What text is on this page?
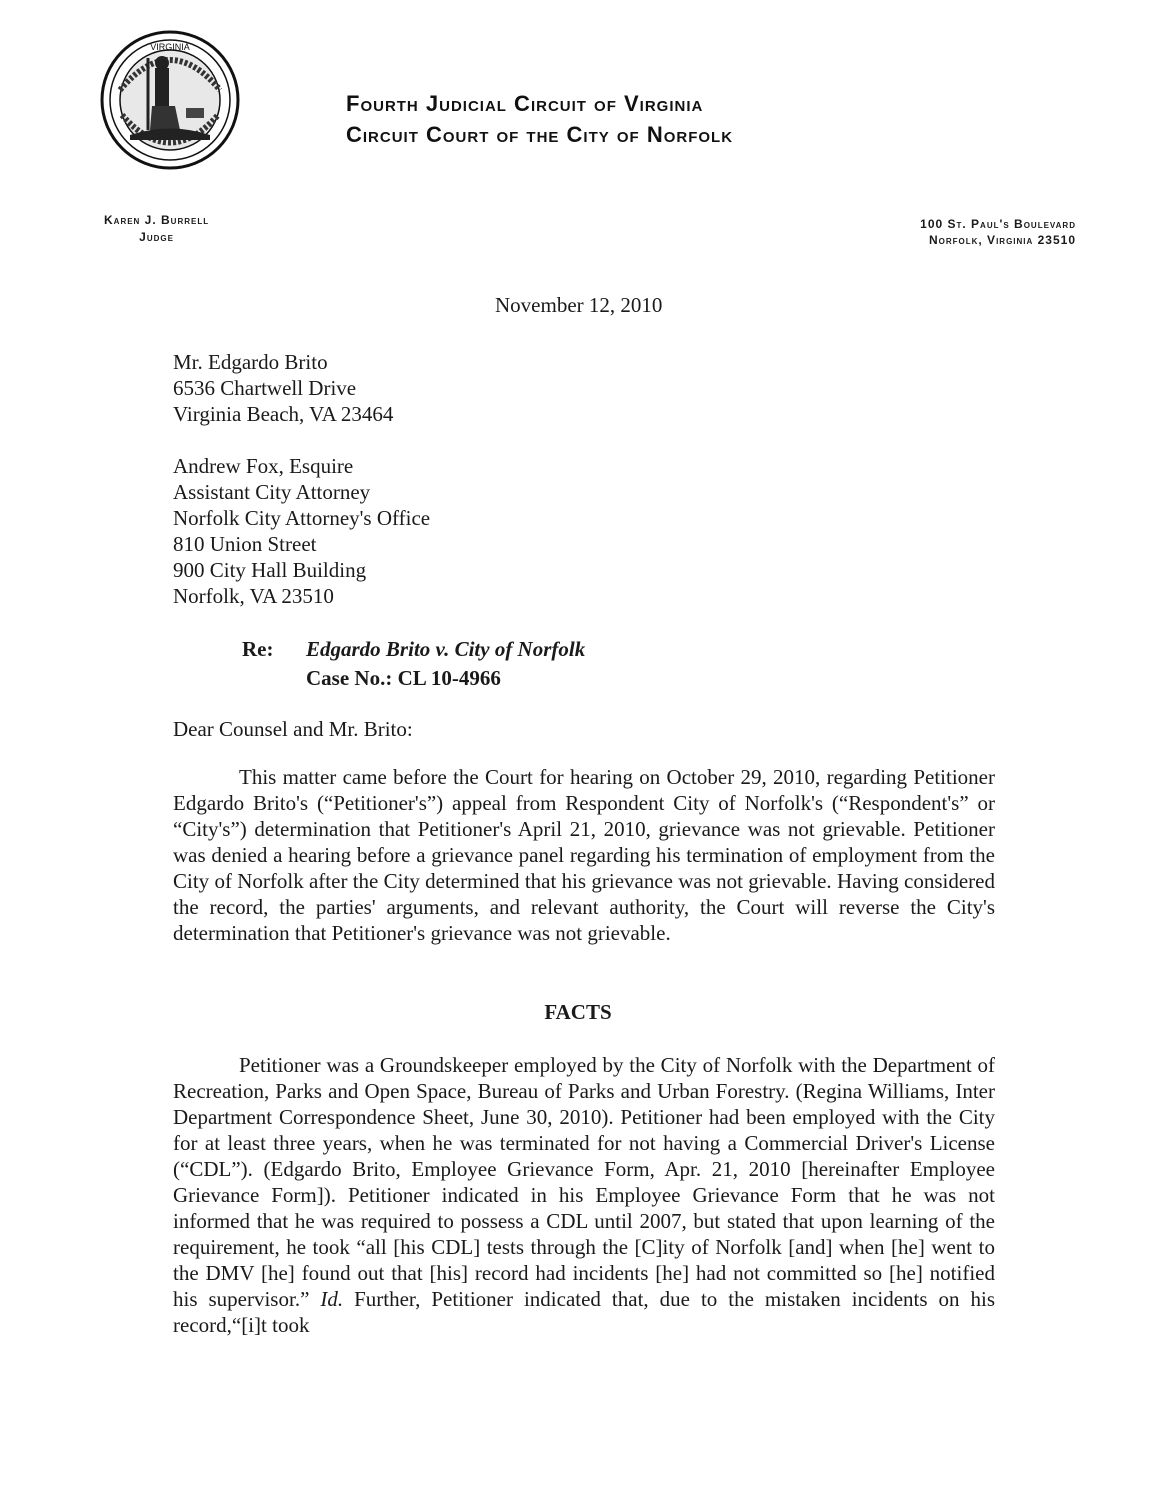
VIRGINIA
Fourth Judicial Circuit of Virginia
Circuit Court of the City of Norfolk
Karen J. Burrell
Judge
100 St. Paul's Boulevard
Norfolk, Virginia 23510
November 12, 2010
Mr. Edgardo Brito
6536 Chartwell Drive
Virginia Beach, VA 23464
Andrew Fox, Esquire
Assistant City Attorney
Norfolk City Attorney's Office
810 Union Street
900 City Hall Building
Norfolk, VA 23510
Re: Edgardo Brito v. City of Norfolk
Case No.: CL 10-4966
Dear Counsel and Mr. Brito:

This matter came before the Court for hearing on October 29, 2010, regarding Petitioner Edgardo Brito's (“Petitioner's”) appeal from Respondent City of Norfolk's (“Respondent's” or “City's”) determination that Petitioner's April 21, 2010, grievance was not grievable. Petitioner was denied a hearing before a grievance panel regarding his termination of employment from the City of Norfolk after the City determined that his grievance was not grievable. Having considered the record, the parties' arguments, and relevant authority, the Court will reverse the City's determination that Petitioner's grievance was not grievable.

FACTS

Petitioner was a Groundskeeper employed by the City of Norfolk with the Department of Recreation, Parks and Open Space, Bureau of Parks and Urban Forestry. (Regina Williams, Inter Department Correspondence Sheet, June 30, 2010). Petitioner had been employed with the City for at least three years, when he was terminated for not having a Commercial Driver's License (“CDL”). (Edgardo Brito, Employee Grievance Form, Apr. 21, 2010 [hereinafter Employee Grievance Form]). Petitioner indicated in his Employee Grievance Form that he was not informed that he was required to possess a CDL until 2007, but stated that upon learning of the requirement, he took “all [his CDL] tests through the [C]ity of Norfolk [and] when [he] went to the DMV [he] found out that [his] record had incidents [he] had not committed so [he] notified his supervisor.” Id. Further, Petitioner indicated that, due to the mistaken incidents on his record,“[i]t took
